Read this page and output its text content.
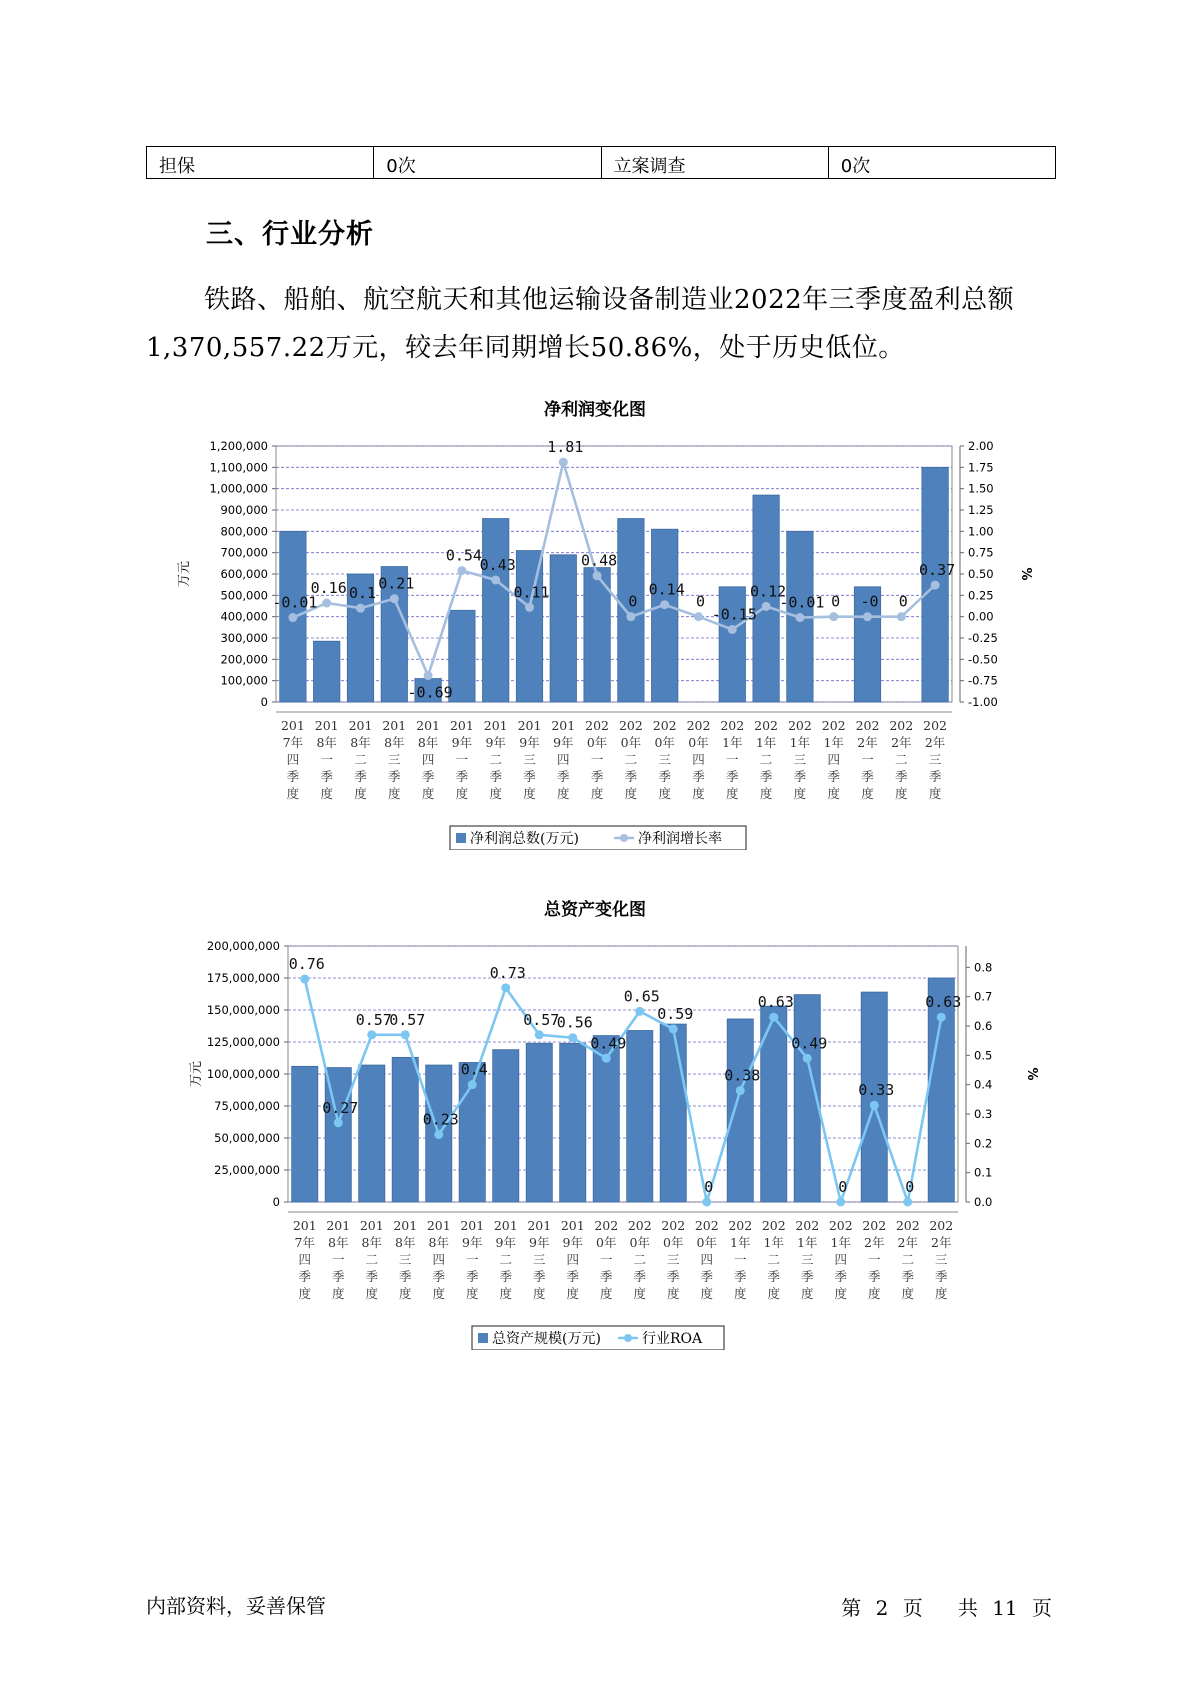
担保	0次	立案调查	0次
三、行业分析

铁路、船舶、航空航天和其他运输设备制造业2022年三季度盈利总额1,370,557.22万元，较去年同期增长50.86%，处于历史低位。

净利润变化图
0
100,000
200,000
300,000
400,000
500,000
600,000
700,000
800,000
900,000
1,000,000
1,100,000
1,200,000
-1.00
-0.75
-0.50
-0.25
0.00
0.25
0.50
0.75
1.00
1.25
1.50
1.75
2.00
万元	%
-0.01
0.16 0.1
0.21
-0.69
0.54
0.43
0.11
1.81
0.48
0
0.14
0
-0.15
0.12
-0.01 0 -0 0
0.37
201
7年
四
季
度
201
8年
一
季
度
201
8年
二
季
度
201
8年
三
季
度
201
8年
四
季
度
201
9年
一
季
度
201
9年
二
季
度
201
9年
三
季
度
201
9年
四
季
度
202
0年
一
季
度
202
0年
二
季
度
202
0年
三
季
度
202
0年
四
季
度
202
1年
一
季
度
202
1年
二
季
度
202
1年
三
季
度
202
1年
四
季
度
202
2年
一
季
度
202
2年
二
季
度
202
2年
三
季
度
净利润总数(万元)	净利润增长率
总资产变化图
0
25,000,000
50,000,000
75,000,000
100,000,000
125,000,000
150,000,000
175,000,000
200,000,000
0.0
0.1
0.2
0.3
0.4
0.5
0.6
0.7
0.8
万元	%
0.76
0.27
0.57
0.57
0.23
0.4
0.73
0.57
0.56
0.49
0.65
0.59
0
0.38
0.63
0.49
0
0.33
0
0.63
201
7年
四
季
度
201
8年
一
季
度
201
8年
二
季
度
201
8年
三
季
度
201
8年
四
季
度
201
9年
一
季
度
201
9年
二
季
度
201
9年
三
季
度
201
9年
四
季
度
202
0年
一
季
度
202
0年
二
季
度
202
0年
三
季
度
202
0年
四
季
度
202
1年
一
季
度
202
1年
二
季
度
202
1年
三
季
度
202
1年
四
季
度
202
2年
一
季
度
202
2年
二
季
度
202
2年
三
季
度
总资产规模(万元)	行业ROA
内部资料，妥善保管	第 2 页 共 11 页
